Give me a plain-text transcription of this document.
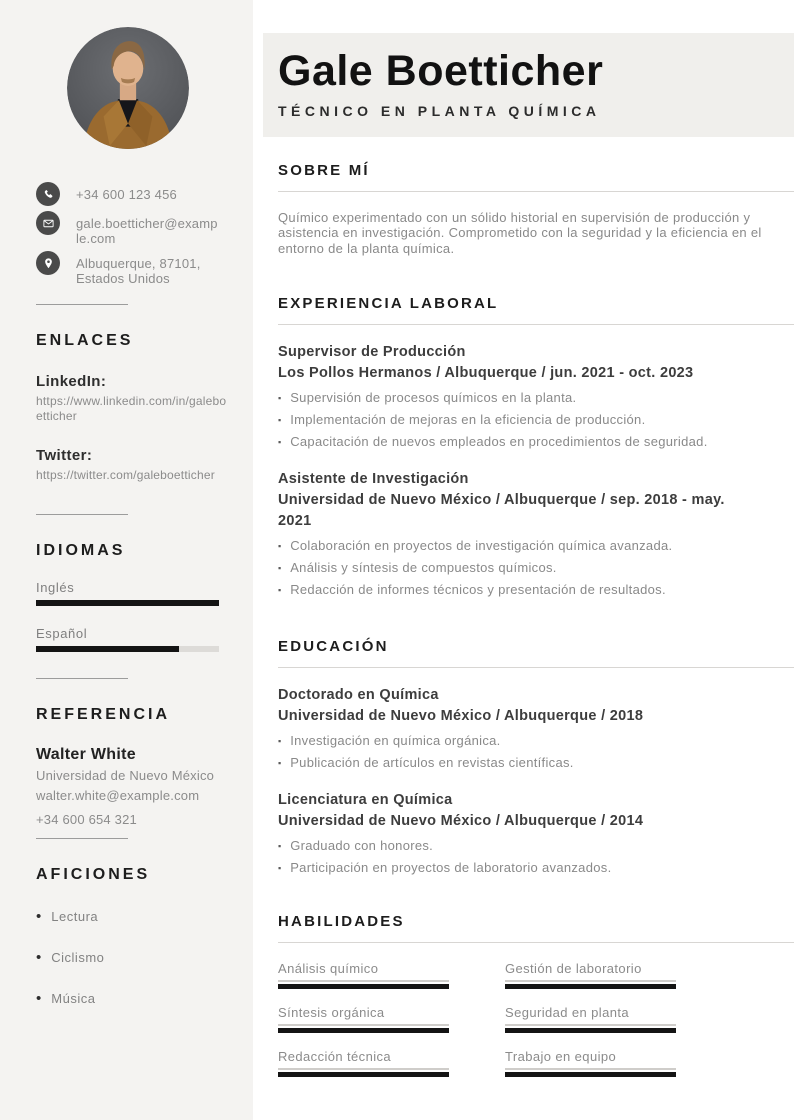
+34 600 123 456
gale.boetticher@example.com
Albuquerque, 87101, Estados Unidos
ENLACES
LinkedIn:
https://www.linkedin.com/in/galeboetticher
Twitter:
https://twitter.com/galeboetticher
IDIOMAS
Inglés
Español
REFERENCIA
Walter White
Universidad de Nuevo México
walter.white@example.com
+34 600 654 321
AFICIONES
• Lectura
• Ciclismo
• Música
Gale Boetticher
TÉCNICO EN PLANTA QUÍMICA
SOBRE MÍ

Químico experimentado con un sólido historial en supervisión de producción y asistencia en investigación. Comprometido con la seguridad y la eficiencia en el entorno de la planta química.

EXPERIENCIA LABORAL
Supervisor de Producción
Los Pollos Hermanos / Albuquerque / jun. 2021 - oct. 2023
▪ Supervisión de procesos químicos en la planta.
▪ Implementación de mejoras en la eficiencia de producción.
▪ Capacitación de nuevos empleados en procedimientos de seguridad.
Asistente de Investigación
Universidad de Nuevo México / Albuquerque / sep. 2018 - may. 2021
▪ Colaboración en proyectos de investigación química avanzada.
▪ Análisis y síntesis de compuestos químicos.
▪ Redacción de informes técnicos y presentación de resultados.
EDUCACIÓN
Doctorado en Química
Universidad de Nuevo México / Albuquerque / 2018
▪ Investigación en química orgánica.
▪ Publicación de artículos en revistas científicas.
Licenciatura en Química
Universidad de Nuevo México / Albuquerque / 2014
▪ Graduado con honores.
▪ Participación en proyectos de laboratorio avanzados.
HABILIDADES
Análisis químico	Gestión de laboratorio
Síntesis orgánica	Seguridad en planta
Redacción técnica	Trabajo en equipo
